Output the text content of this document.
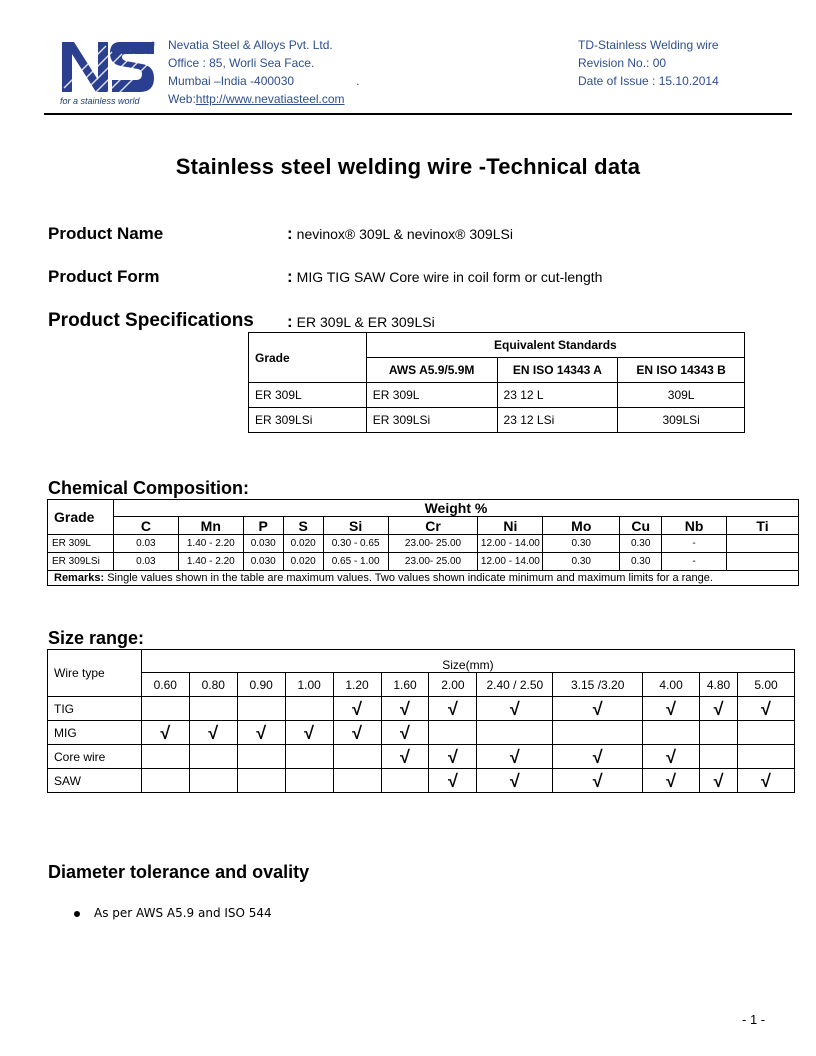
®
for a stainless world
Nevatia Steel & Alloys Pvt. Ltd.
Office : 85, Worli Sea Face.
Mumbai –India -400030	.
Web:http://www.nevatiasteel.com
TD-Stainless Welding wire
Revision No.: 00
Date of Issue : 15.10.2014
Stainless steel welding wire -Technical data
Product Name	: nevinox® 309L & nevinox® 309LSi
Product Form	: MIG TIG SAW Core wire in coil form or cut-length
Product Specifications : ER 309L & ER 309LSi
Grade	Equivalent Standards		
	AWS A5.9/5.9M	EN ISO 14343 A	EN ISO 14343 B
ER 309L	ER 309L	23 12 L	309L
ER 309LSi	ER 309LSi	23 12 LSi	309LSi
Chemical Composition:
Grade	Weight %										
	C	Mn	P	S	Si	Cr	Ni	Mo	Cu	Nb	Ti
ER 309L	0.03	1.40 - 2.20	0.030	0.020	0.30 - 0.65	23.00- 25.00	12.00 - 14.00	0.30	0.30	-	
ER 309LSi	0.03	1.40 - 2.20	0.030	0.020	0.65 - 1.00	23.00- 25.00	12.00 - 14.00	0.30	0.30	-	
Remarks: Single values shown in the table are maximum values. Two values shown indicate minimum and maximum limits for a range.											
Size range:
Wire type	Size(mm)											
	0.60	0.80	0.90	1.00	1.20	1.60	2.00	2.40 / 2.50	3.15 /3.20	4.00	4.80	5.00
TIG					√	√	√	√	√	√	√	√
MIG	√	√	√	√	√	√						
Core wire						√	√	√	√	√		
SAW							√	√	√	√	√	√
Diameter tolerance and ovality
As per AWS A5.9 and ISO 544
- 1 -
